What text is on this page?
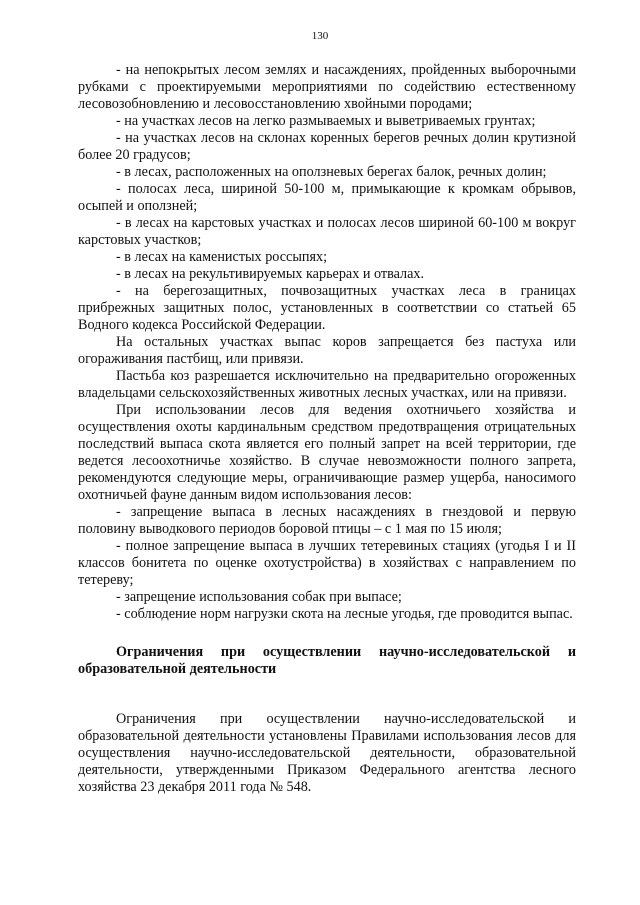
130

- на непокрытых лесом землях и насаждениях, пройденных выборочными рубками с проектируемыми мероприятиями по содействию естественному лесовозобновлению и лесовосстановлению хвойными породами;

- на участках лесов на легко размываемых и выветриваемых грунтах;

- на участках лесов на склонах коренных берегов речных долин крутизной более 20 градусов;

- в лесах, расположенных на оползневых берегах балок, речных долин;

- полосах леса, шириной 50-100 м, примыкающие к кромкам обрывов, осыпей и оползней;

- в лесах на карстовых участках и полосах лесов шириной 60-100 м вокруг карстовых участков;

- в лесах на каменистых россыпях;

- в лесах на рекультивируемых карьерах и отвалах.

- на берегозащитных, почвозащитных участках леса в границах прибрежных защитных полос, установленных в соответствии со статьей 65 Водного кодекса Российской Федерации.

На остальных участках выпас коров запрещается без пастуха или огораживания пастбищ, или привязи.

Пастьба коз разрешается исключительно на предварительно огороженных владельцами сельскохозяйственных животных лесных участках, или на привязи.

При использовании лесов для ведения охотничьего хозяйства и осуществления охоты кардинальным средством предотвращения отрицательных последствий выпаса скота является его полный запрет на всей территории, где ведется лесоохотничье хозяйство. В случае невозможности полного запрета, рекомендуются следующие меры, ограничивающие размер ущерба, наносимого охотничьей фауне данным видом использования лесов:

- запрещение выпаса в лесных насаждениях в гнездовой и первую половину выводкового периодов боровой птицы – с 1 мая по 15 июля;

- полное запрещение выпаса в лучших тетеревиных стациях (угодья I и II классов бонитета по оценке охотустройства) в хозяйствах с направлением по тетереву;

- запрещение использования собак при выпасе;

- соблюдение норм нагрузки скота на лесные угодья, где проводится выпас.

Ограничения при осуществлении научно-исследовательской и образовательной деятельности

Ограничения при осуществлении научно-исследовательской и образовательной деятельности установлены Правилами использования лесов для осуществления научно-исследовательской деятельности, образовательной деятельности, утвержденными Приказом Федерального агентства лесного хозяйства 23 декабря 2011 года № 548.
